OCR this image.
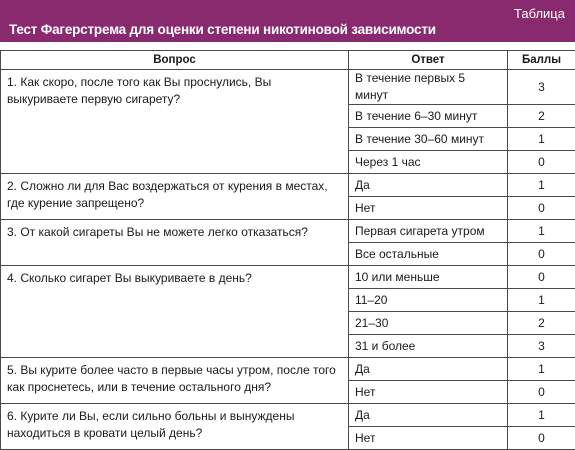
Таблица
Тест Фагерстрема для оценки степени никотиновой зависимости
Вопрос	Ответ	Баллы
1. Как скоро, после того как Вы проснулись, Вы выкуриваете первую сигарету?	В течение первых 5 минут	3
	В течение 6–30 минут	2
	В течение 30–60 минут	1
	Через 1 час	0
2. Сложно ли для Вас воздержаться от курения в местах, где курение запрещено?	Да	1
	Нет	0
3. От какой сигареты Вы не можете легко отказаться?	Первая сигарета утром	1
	Все остальные	0
4. Сколько сигарет Вы выкуриваете в день?	10 или меньше	0
	11–20	1
	21–30	2
	31 и более	3
5. Вы курите более часто в первые часы утром, после того как проснетесь, или в течение остального дня?	Да	1
	Нет	0
6. Курите ли Вы, если сильно больны и вынуждены находиться в кровати целый день?	Да	1
	Нет	0
